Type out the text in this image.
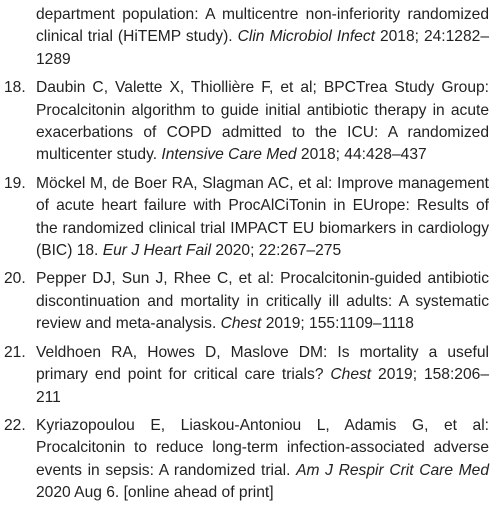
department population: A multicentre non-inferiority randomized clinical trial (HiTEMP study). Clin Microbiol Infect 2018; 24:1282–1289
18. Daubin C, Valette X, Thiollière F, et al; BPCTrea Study Group: Procalcitonin algorithm to guide initial antibiotic therapy in acute exacerbations of COPD admitted to the ICU: A randomized multicenter study. Intensive Care Med 2018; 44:428–437
19. Möckel M, de Boer RA, Slagman AC, et al: Improve management of acute heart failure with ProcAlCiTonin in EUrope: Results of the randomized clinical trial IMPACT EU biomarkers in cardiology (BIC) 18. Eur J Heart Fail 2020; 22:267–275
20. Pepper DJ, Sun J, Rhee C, et al: Procalcitonin-guided antibiotic discontinuation and mortality in critically ill adults: A systematic review and meta-analysis. Chest 2019; 155:1109–1118
21. Veldhoen RA, Howes D, Maslove DM: Is mortality a useful primary end point for critical care trials? Chest 2019; 158:206–211
22. Kyriazopoulou E, Liaskou-Antoniou L, Adamis G, et al: Procalcitonin to reduce long-term infection-associated adverse events in sepsis: A randomized trial. Am J Respir Crit Care Med 2020 Aug 6. [online ahead of print]
